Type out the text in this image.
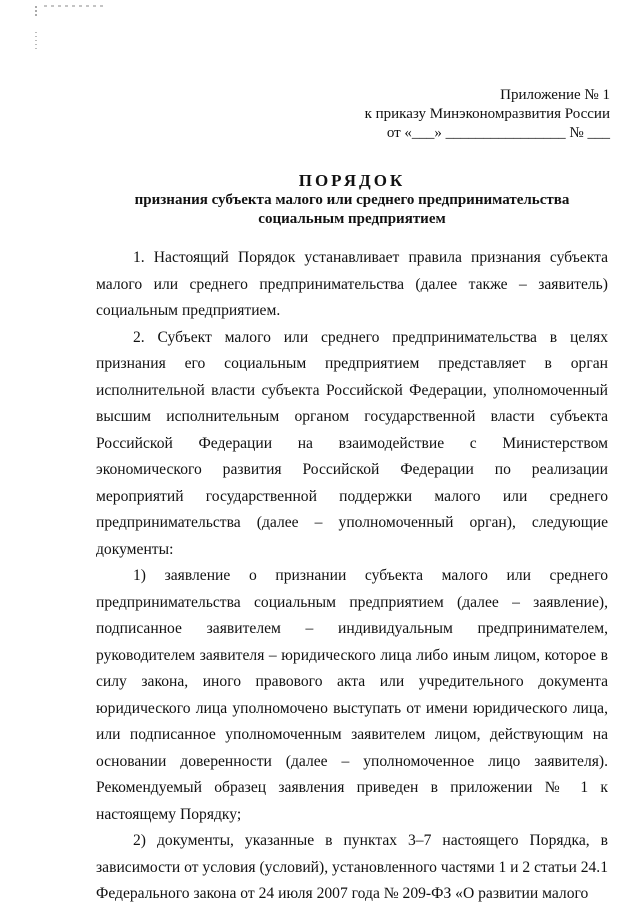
Приложение № 1
к приказу Минэкономразвития России
от «___» ________________ № ___
ПОРЯДОК
признания субъекта малого или среднего предпринимательства
социальным предприятием

1. Настоящий Порядок устанавливает правила признания субъекта малого или среднего предпринимательства (далее также – заявитель) социальным предприятием.

2. Субъект малого или среднего предпринимательства в целях признания его социальным предприятием представляет в орган исполнительной власти субъекта Российской Федерации, уполномоченный высшим исполнительным органом государственной власти субъекта Российской Федерации на взаимодействие с Министерством экономического развития Российской Федерации по реализации мероприятий государственной поддержки малого или среднего предпринимательства (далее – уполномоченный орган), следующие документы:

1) заявление о признании субъекта малого или среднего предпринимательства социальным предприятием (далее – заявление), подписанное заявителем – индивидуальным предпринимателем, руководителем заявителя – юридического лица либо иным лицом, которое в силу закона, иного правового акта или учредительного документа юридического лица уполномочено выступать от имени юридического лица, или подписанное уполномоченным заявителем лицом, действующим на основании доверенности (далее – уполномоченное лицо заявителя). Рекомендуемый образец заявления приведен в приложении № 1 к настоящему Порядку;

2) документы, указанные в пунктах 3–7 настоящего Порядка, в зависимости от условия (условий), установленного частями 1 и 2 статьи 24.1 Федерального закона от 24 июля 2007 года № 209-ФЗ «О развитии малого
